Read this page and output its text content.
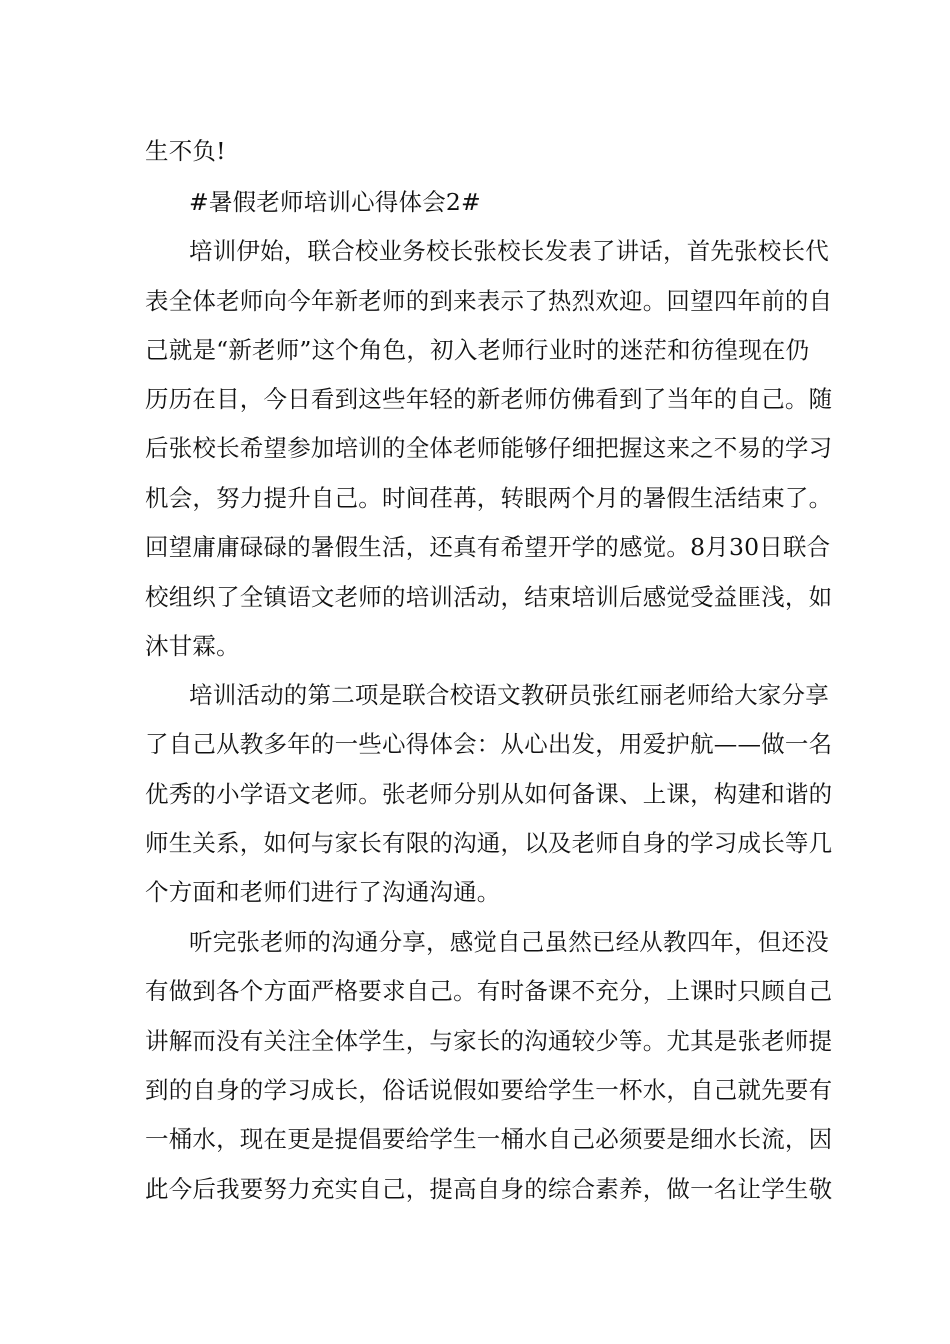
生不负!
#暑假老师培训心得体会2#
培训伊始，联合校业务校长张校长发表了讲话，首先张校长代
表全体老师向今年新老师的到来表示了热烈欢迎。回望四年前的自
己就是“新老师”这个角色，初入老师行业时的迷茫和彷徨现在仍
历历在目，今日看到这些年轻的新老师仿佛看到了当年的自己。随
后张校长希望参加培训的全体老师能够仔细把握这来之不易的学习
机会，努力提升自己。时间荏苒，转眼两个月的暑假生活结束了。
回望庸庸碌碌的暑假生活，还真有希望开学的感觉。8月30日联合
校组织了全镇语文老师的培训活动，结束培训后感觉受益匪浅，如
沐甘霖。
培训活动的第二项是联合校语文教研员张红丽老师给大家分享
了自己从教多年的一些心得体会：从心出发，用爱护航——做一名
优秀的小学语文老师。张老师分别从如何备课、上课，构建和谐的
师生关系，如何与家长有限的沟通，以及老师自身的学习成长等几
个方面和老师们进行了沟通沟通。
听完张老师的沟通分享，感觉自己虽然已经从教四年，但还没
有做到各个方面严格要求自己。有时备课不充分，上课时只顾自己
讲解而没有关注全体学生，与家长的沟通较少等。尤其是张老师提
到的自身的学习成长，俗话说假如要给学生一杯水，自己就先要有
一桶水，现在更是提倡要给学生一桶水自己必须要是细水长流，因
此今后我要努力充实自己，提高自身的综合素养，做一名让学生敬
